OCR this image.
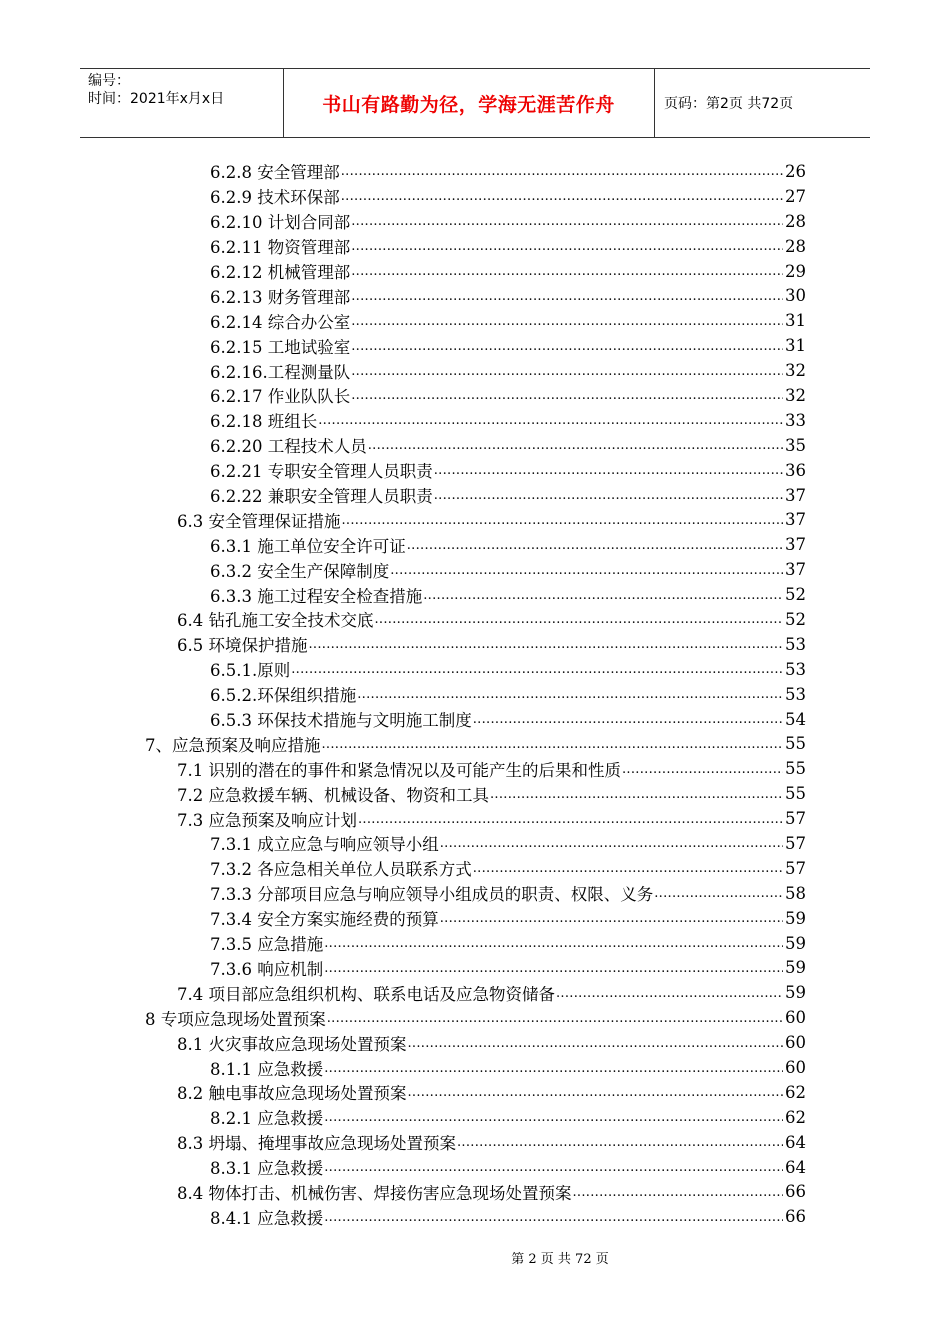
编号：
时间：2021年x月x日	书山有路勤为径，学海无涯苦作舟	页码：第2页 共72页
6.2.8 安全管理部 .....	26
6.2.9 技术环保部 .....	27
6.2.10 计划合同部 .....	28
6.2.11 物资管理部 .....	28
6.2.12 机械管理部 .....	29
6.2.13 财务管理部 .....	30
6.2.14 综合办公室 .....	31
6.2.15 工地试验室 .....	31
6.2.16.工程测量队 .....	32
6.2.17 作业队队长 .....	32
6.2.18 班组长 .....	33
6.2.20 工程技术人员 .....	35
6.2.21 专职安全管理人员职责 .....	36
6.2.22 兼职安全管理人员职责 .....	37
6.3 安全管理保证措施 .....	37
6.3.1 施工单位安全许可证 .....	37
6.3.2 安全生产保障制度 .....	37
6.3.3 施工过程安全检查措施 .....	52
6.4 钻孔施工安全技术交底 .....	52
6.5 环境保护措施 .....	53
6.5.1.原则 .....	53
6.5.2.环保组织措施 .....	53
6.5.3 环保技术措施与文明施工制度 .....	54
7、应急预案及响应措施 .....	55
7.1 识别的潜在的事件和紧急情况以及可能产生的后果和性质 .....	55
7.2 应急救援车辆、机械设备、物资和工具 .....	55
7.3 应急预案及响应计划 .....	57
7.3.1 成立应急与响应领导小组 .....	57
7.3.2 各应急相关单位人员联系方式 .....	57
7.3.3 分部项目应急与响应领导小组成员的职责、权限、义务 .....	58
7.3.4 安全方案实施经费的预算 .....	59
7.3.5 应急措施 .....	59
7.3.6 响应机制 .....	59
7.4 项目部应急组织机构、联系电话及应急物资储备 .....	59
8 专项应急现场处置预案 .....	60
8.1 火灾事故应急现场处置预案 .....	60
8.1.1 应急救援 .....	60
8.2 触电事故应急现场处置预案 .....	62
8.2.1 应急救援 .....	62
8.3 坍塌、掩埋事故应急现场处置预案 .....	64
8.3.1 应急救援 .....	64
8.4 物体打击、机械伤害、焊接伤害应急现场处置预案 .....	66
8.4.1 应急救援 .....	66
第 2 页 共 72 页
